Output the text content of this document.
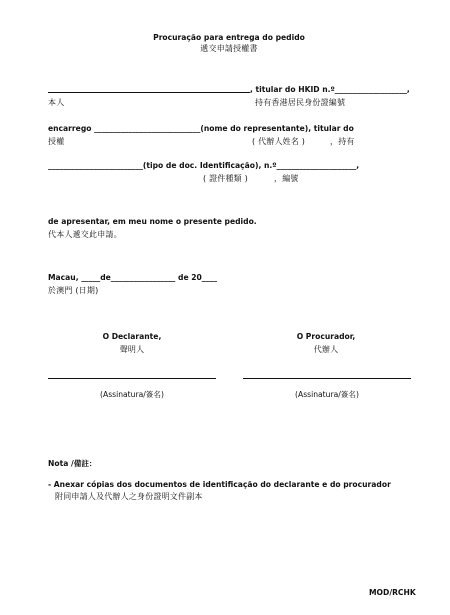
Procuração para entrega do pedido
遞交申請授權書
, titular do HKID n.º___________________,
本人	持有香港居民身份證編號
encarrego ____________________________(nome do representante), titular do
授權	( 代辦人姓名 )	，持有
_________________________(tipo de doc. Identificação), n.º_____________________,
( 證件種類 )	，編號
de apresentar, em meu nome o presente pedido.
代本人遞交此申請。
Macau, _____de_________________ de 20____
於澳門 (日期)
O Declarante,
聲明人
O Procurador,
代辦人
(Assinatura/簽名)	(Assinatura/簽名)
Nota /備註：
- Anexar cópias dos documentos de identificação do declarante e do procurador
附同申請人及代辦人之身份證明文件副本
MOD/RCHK
